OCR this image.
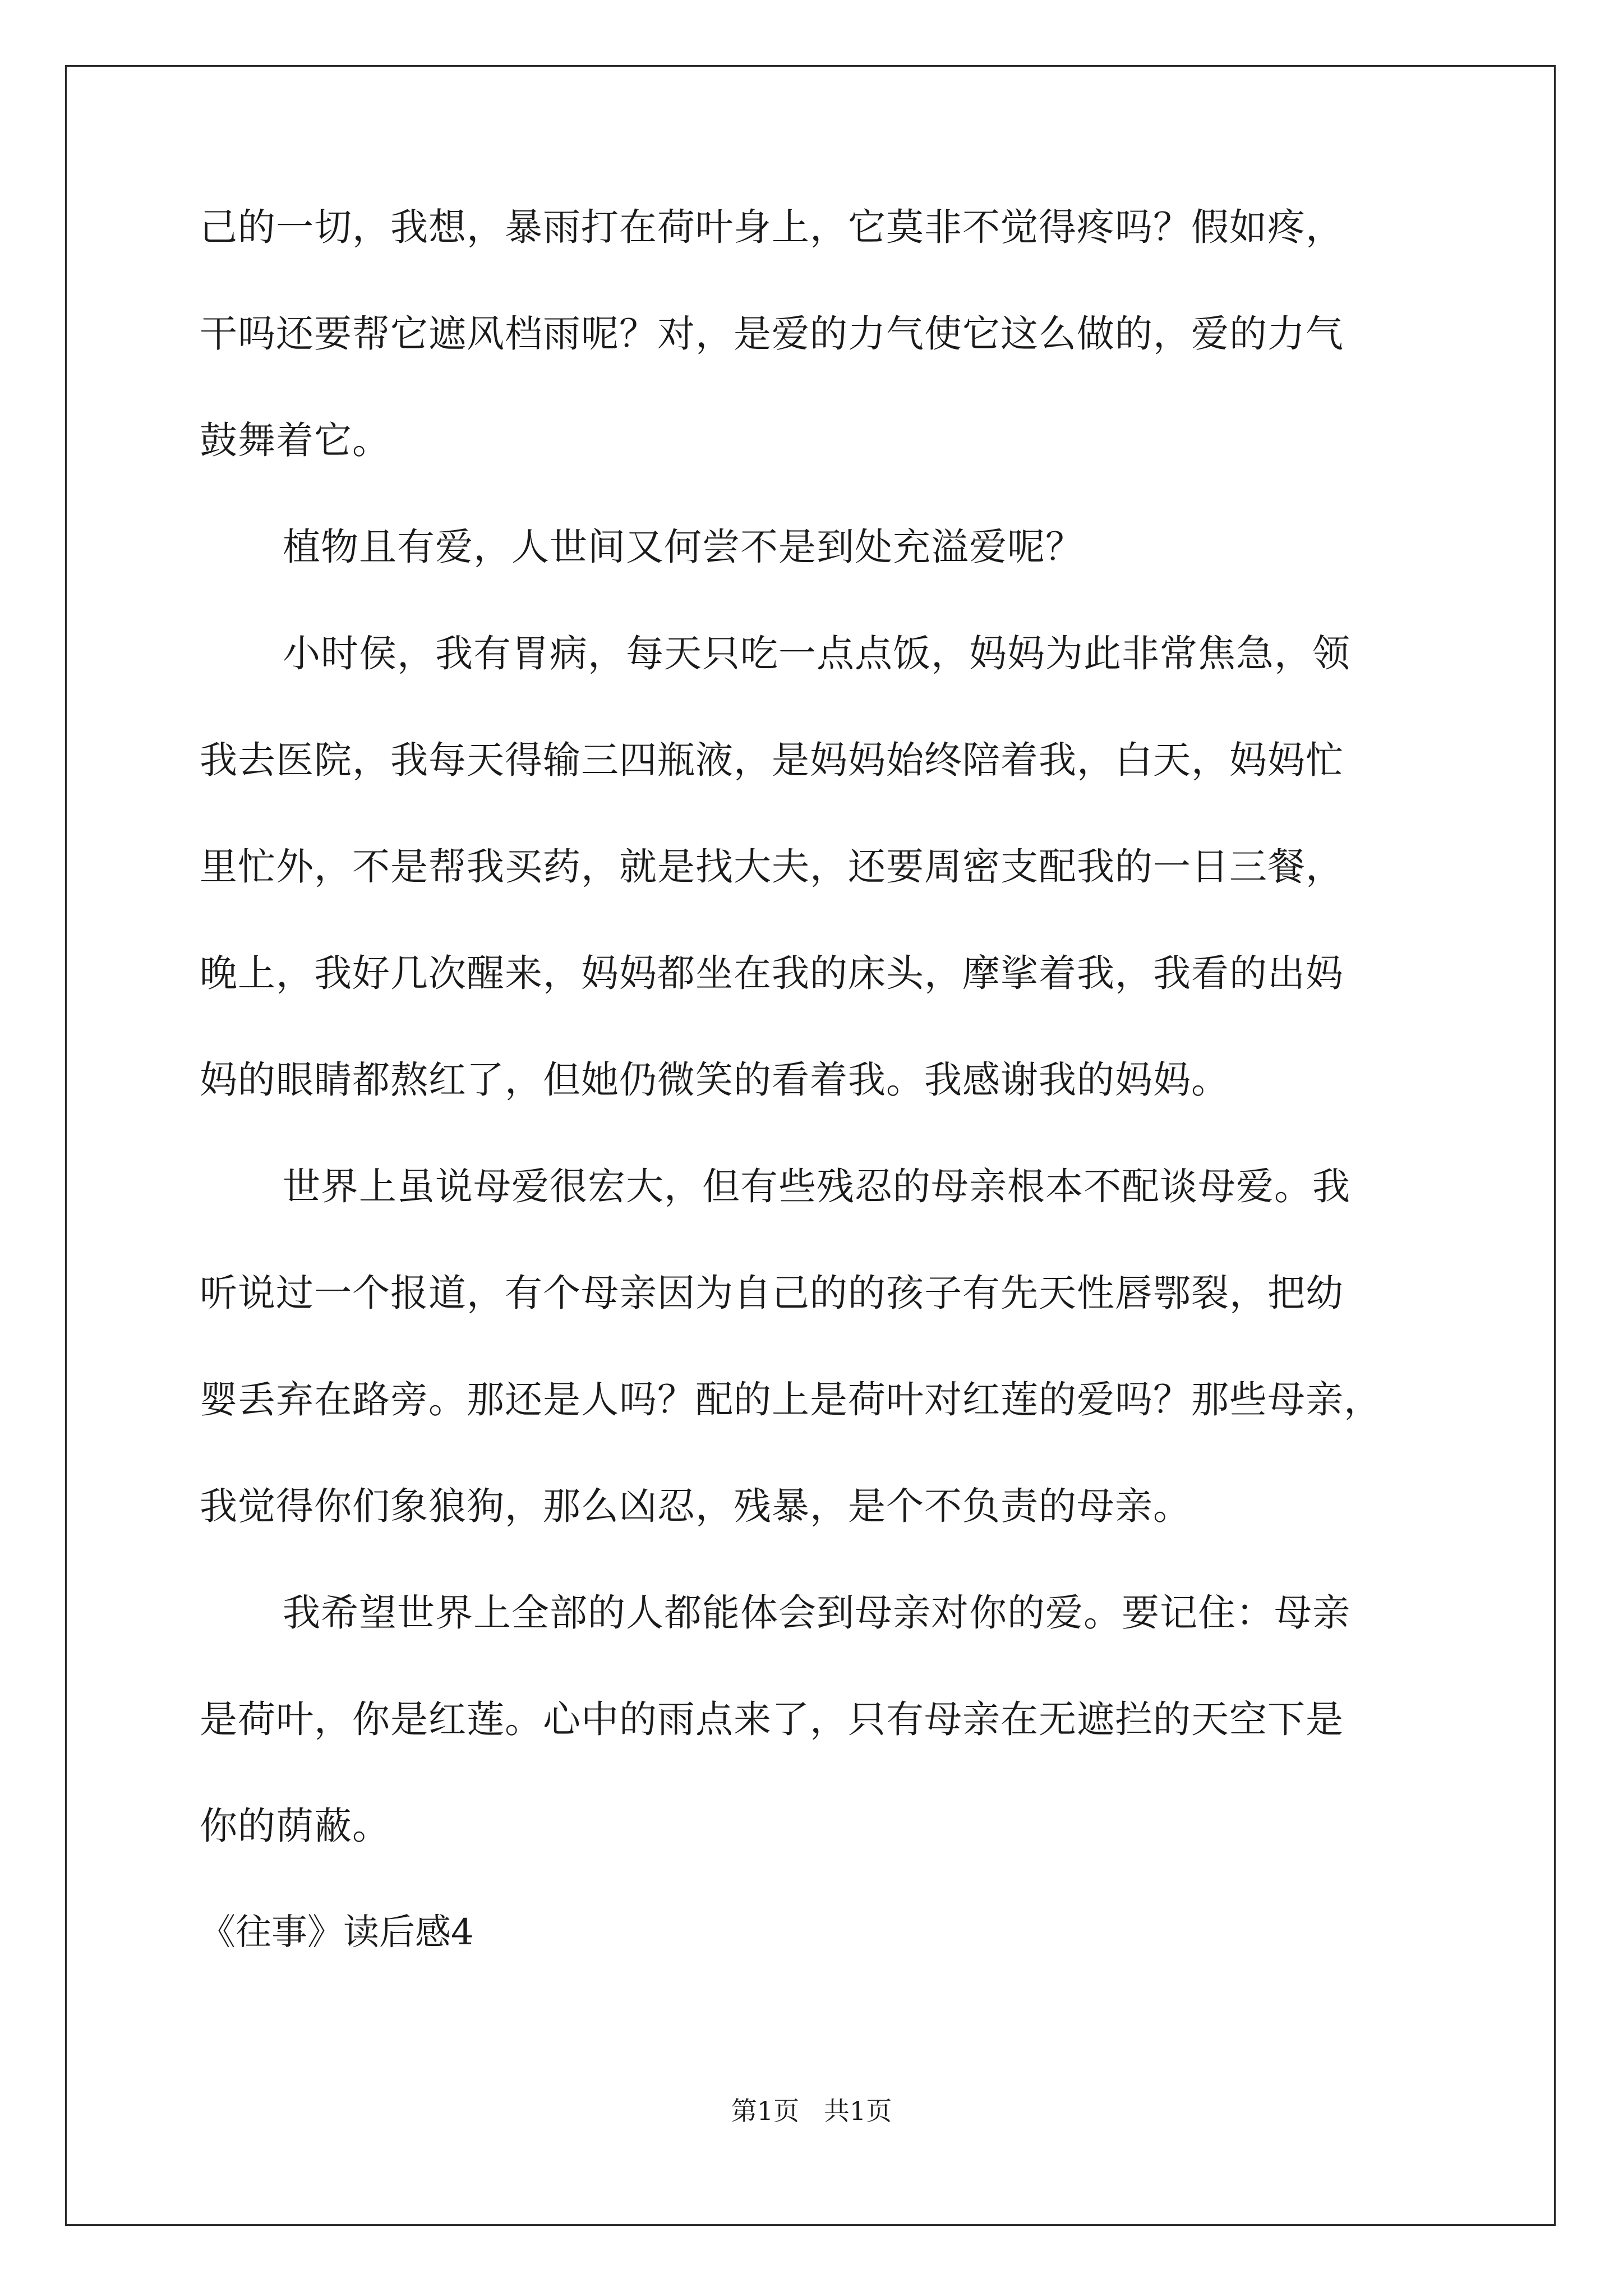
己的一切，我想，暴雨打在荷叶身上，它莫非不觉得疼吗？假如疼，
干吗还要帮它遮风档雨呢？对，是爱的力气使它这么做的，爱的力气
鼓舞着它。
植物且有爱，人世间又何尝不是到处充溢爱呢？
小时侯，我有胃病，每天只吃一点点饭，妈妈为此非常焦急，领
我去医院，我每天得输三四瓶液，是妈妈始终陪着我，白天，妈妈忙
里忙外，不是帮我买药，就是找大夫，还要周密支配我的一日三餐，
晚上，我好几次醒来，妈妈都坐在我的床头，摩挲着我，我看的出妈
妈的眼睛都熬红了，但她仍微笑的看着我。我感谢我的妈妈。
世界上虽说母爱很宏大，但有些残忍的母亲根本不配谈母爱。我
听说过一个报道，有个母亲因为自己的的孩子有先天性唇鄂裂，把幼
婴丢弃在路旁。那还是人吗？配的上是荷叶对红莲的爱吗？那些母亲，
我觉得你们象狼狗，那么凶忍，残暴，是个不负责的母亲。
我希望世界上全部的人都能体会到母亲对你的爱。要记住：母亲
是荷叶，你是红莲。心中的雨点来了，只有母亲在无遮拦的天空下是
你的荫蔽。
《往事》读后感4
第1页   共1页
